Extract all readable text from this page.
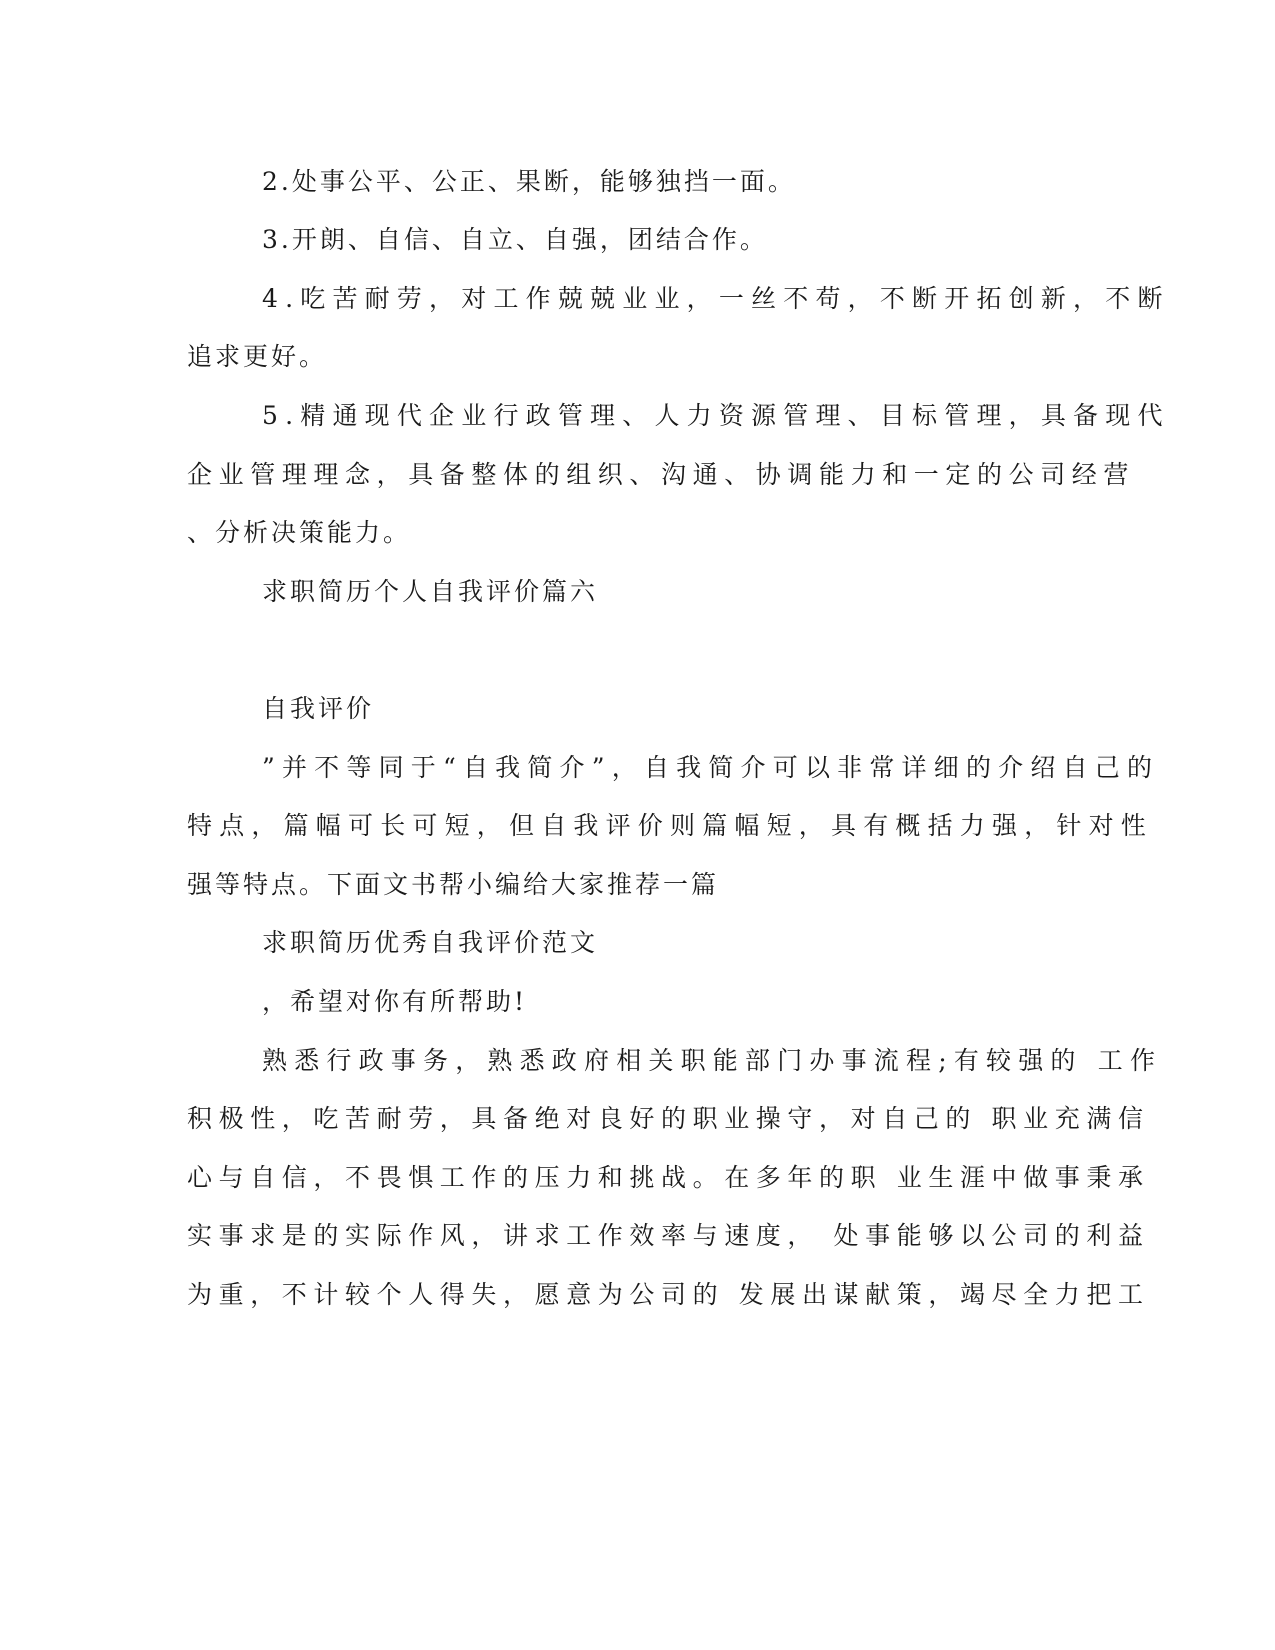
2.处事公平、公正、果断，能够独挡一面。
3.开朗、自信、自立、自强，团结合作。
4.吃苦耐劳，对工作兢兢业业，一丝不苟，不断开拓创新，不断
追求更好。
5.精通现代企业行政管理、人力资源管理、目标管理，具备现代
企业管理理念，具备整体的组织、沟通、协调能力和一定的公司经营
、分析决策能力。
求职简历个人自我评价篇六
自我评价
”并不等同于“自我简介”，自我简介可以非常详细的介绍自己的
特点，篇幅可长可短，但自我评价则篇幅短，具有概括力强，针对性
强等特点。下面文书帮小编给大家推荐一篇
求职简历优秀自我评价范文
，希望对你有所帮助!
熟悉行政事务，熟悉政府相关职能部门办事流程;有较强的 工作
积极性，吃苦耐劳，具备绝对良好的职业操守，对自己的 职业充满信
心与自信，不畏惧工作的压力和挑战。在多年的职 业生涯中做事秉承
实事求是的实际作风，讲求工作效率与速度， 处事能够以公司的利益
为重，不计较个人得失，愿意为公司的 发展出谋献策，竭尽全力把工
